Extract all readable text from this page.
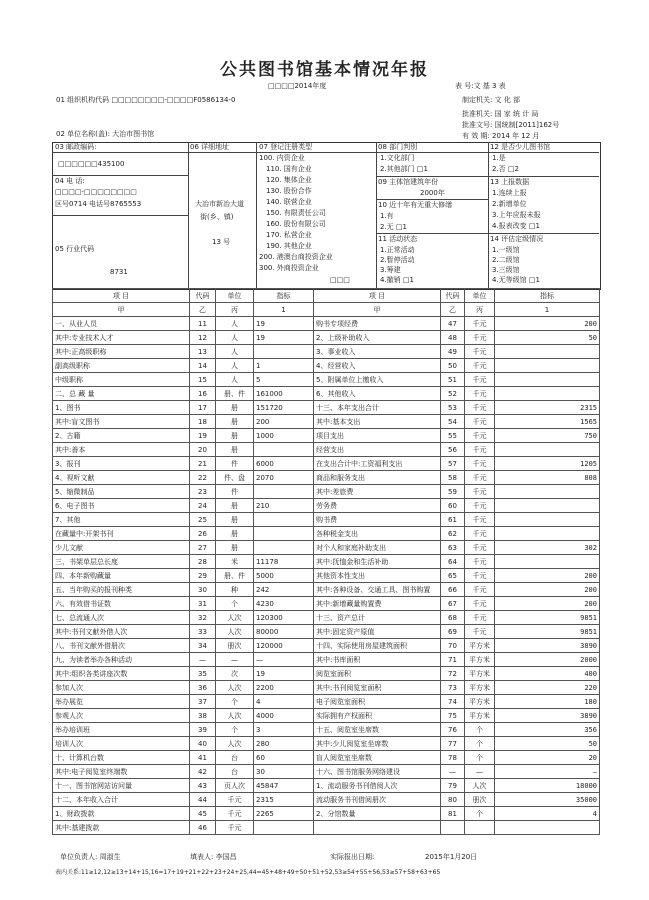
公共图书馆基本情况年报
□□□□2014年度	表 号:文 基 3 表
制定机关: 文 化 部
批准机关: 国 家 统 计 局
批准文号: 国统制[2011]162号
有 效 期: 2014 年 12 月
01 组织机构代码 □□□□□□□□-□□□□F0586134-0
02 单位名称(盖): 大冶市图书馆
03 邮政编码:
□□□□□□435100
04 电 话:
□□□□-□□□□□□□□
区号0714 电话号8765553
05 行业代码
8731
06 详细地址
大冶市新冶大道
街(乡、镇)
13 号
07 登记注册类型
100. 内资企业
110. 国有企业
120. 集体企业
130. 股份合作
140. 联营企业
150. 有限责任公司
160. 股份有限公司
170. 私营企业
190. 其他企业
200. 港澳台商投资企业
300. 外商投资企业
□□□
08 部门判别
1.文化部门
2.其他部门 □1
09 主体馆建筑年份
2000年
10 近十年有无重大修缮
1.有
2.无 □1
11 活动状态
1.正常活动
2.暂停活动
3.筹建
4.撤销 □1
12 是否少儿图书馆
1.是
2.否 □2
13 上报数据
1.连续上报
2.新增单位
3.上年应报未报
4.报表改变 □1
14 评估定级情况
1.一级馆
2.二级馆
3.三级馆
4.无等级馆 □1
项 目	代码	单位	指标	项 目	代码	单位	指标
甲	乙	丙	1	甲	乙	丙	1
一、从业人员	11	人	19	购书专项经费	47	千元	200
其中:专业技术人才	12	人	19	2、上级补助收入	48	千元	50
其中:正高级职称	13	人		3、事业收入	49	千元	
副高级职称	14	人	1	4、经营收入	50	千元	
中级职称	15	人	5	5、附属单位上缴收入	51	千元	
二、总 藏 量	16	册、件	161000	6、其他收入	52	千元	
1、图书	17	册	151720	十三、本年支出合计	53	千元	2315
其中:盲文图书	18	册	200	其中:基本支出	54	千元	1565
2、古籍	19	册	1000	项目支出	55	千元	750
其中:善本	20	册		经营支出	56	千元	
3、报刊	21	件	6000	在支出合计中:工资福利支出	57	千元	1205
4、视听文献	22	件、盘	2070	商品和服务支出	58	千元	808
5、缩微制品	23	件		其中:差旅费	59	千元	
6、电子图书	24	册	210	劳务费	60	千元	
7、其他	25	册		购书费	61	千元	
在藏量中:开架书刊	26	册		各种税金支出	62	千元	
少儿文献	27	册		对个人和家庭补助支出	63	千元	302
三、书架单层总长度	28	米	11178	其中:抚恤金和生活补助	64	千元	
四、本年新购藏量	29	册、件	5000	其他资本性支出	65	千元	200
五、当年购买的报刊种类	30	种	242	其中:各种设备、交通工具、图书购置	66	千元	200
六、有效借书证数	31	个	4230	其中:新增藏量购置费	67	千元	200
七、总流通人次	32	人次	120300	十三、资产总计	68	千元	9851
其中:书刊文献外借人次	33	人次	80000	其中:固定资产原值	69	千元	9851
八、书刊文献外借册次	34	册次	120000	十四、实际使用房屋建筑面积	70	平方米	3890
九、为读者举办各种活动	—	—	—	其中:书库面积	71	平方米	2000
其中:组织各类讲座次数	35	次	19	阅览室面积	72	平方米	400
参加人次	36	人次	2200	其中:书刊阅览室面积	73	平方米	220
举办展览	37	个	4	电子阅览室面积	74	平方米	180
参观人次	38	人次	4000	实际拥有产权面积	75	平方米	3890
举办培训班	39	个	3	十五、阅览室坐席数	76	个	356
培训人次	40	人次	280	其中:少儿阅览室坐席数	77	个	50
十、计算机台数	41	台	60	盲人阅览室坐席数	78	个	20
其中:电子阅览室终端数	42	台	30	十六、图书馆服务网络建设	—	—	—
十一、图书馆网站访问量	43	页人次	45847	1、流动服务书刊借阅人次	79	人次	18000
十二、本年收入合计	44	千元	2315	流动服务书刊借阅册次	80	册次	35000
1、财政拨款	45	千元	2265	2、分馆数量	81	个	4
其中:基建拨款	46	千元					
单位负责人: 周淑生	填表人: 李国昌	实际报出日期:	2015年1月20日
表内关系:11≥12,12≥13+14+15,16=17+19+21+22+23+24+25,44=45+48+49+50+51+52,53≥54+55+56,53≥57+58+63+65
